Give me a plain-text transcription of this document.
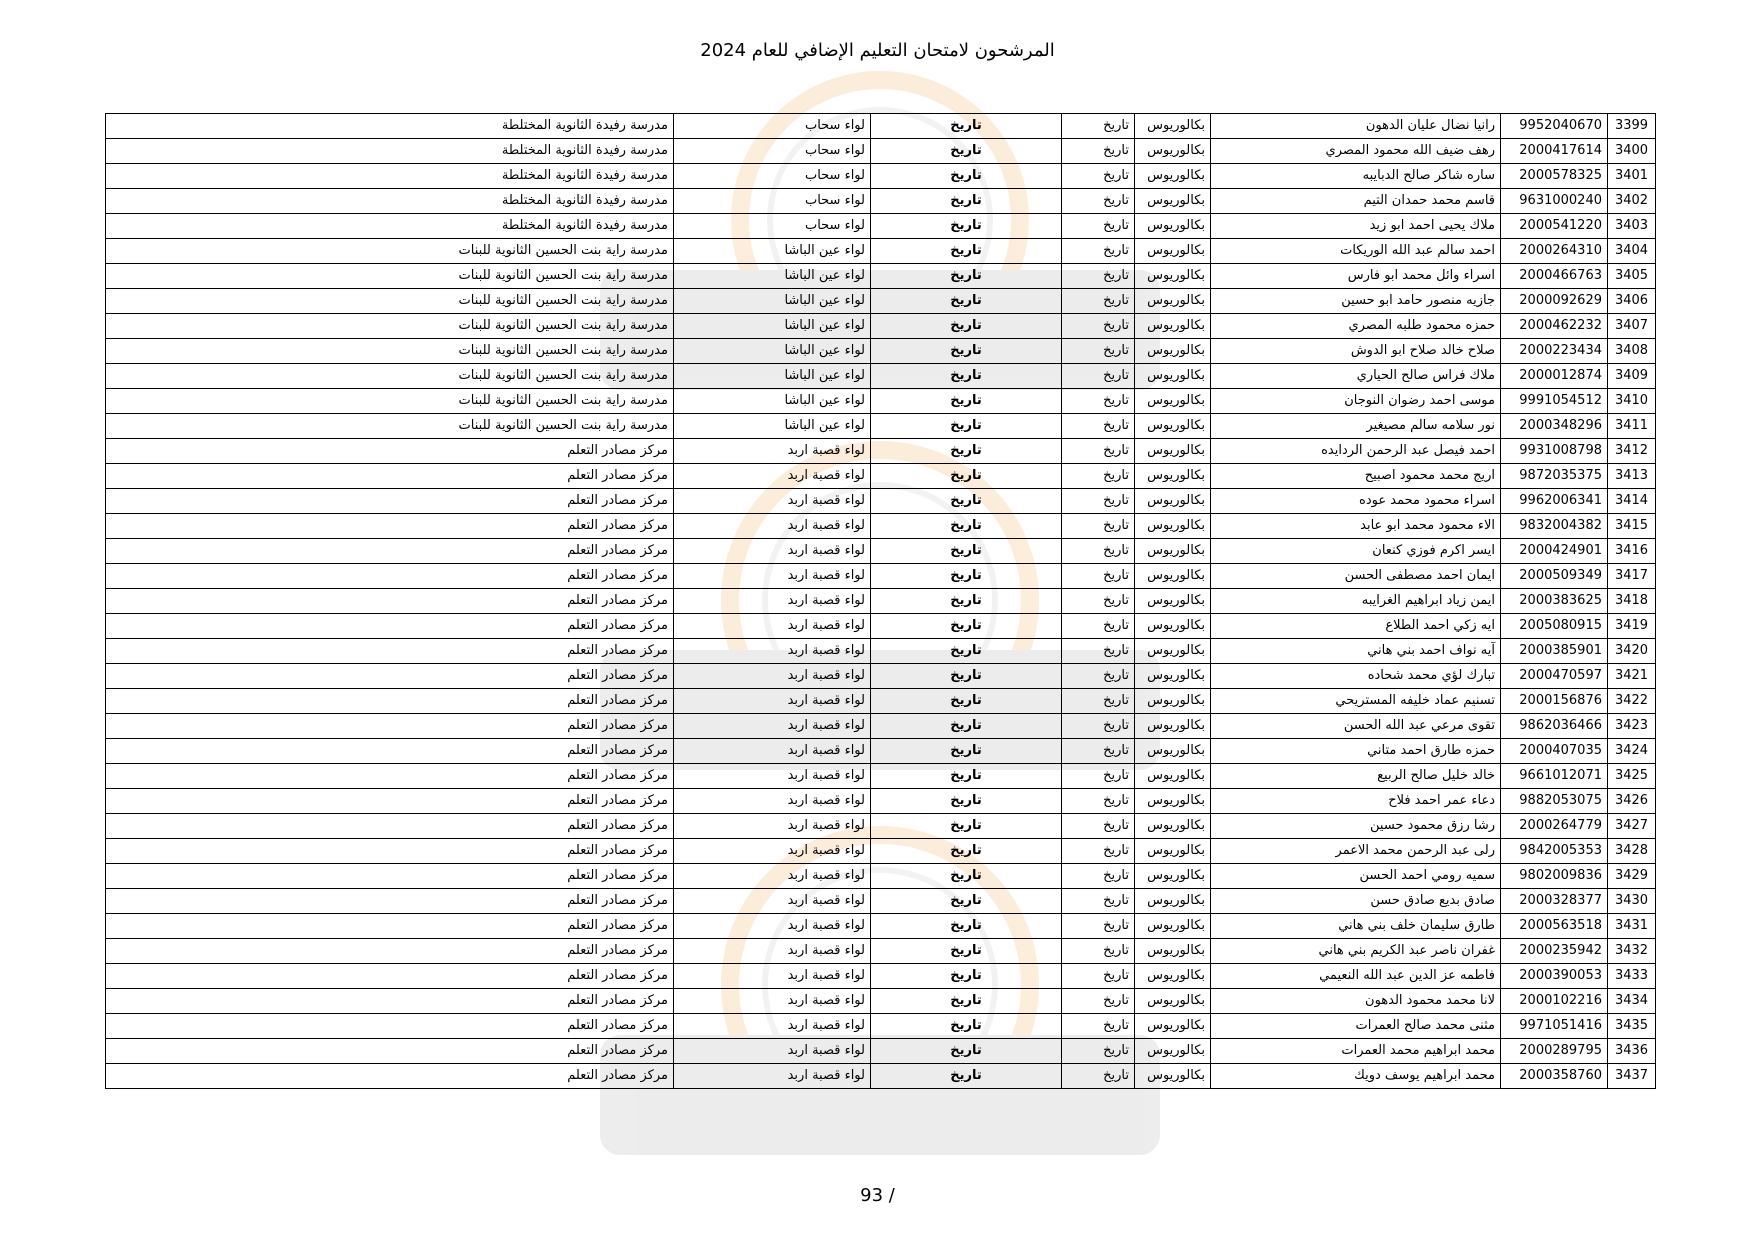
المرشحون لامتحان التعليم الإضافي للعام 2024
3399	9952040670	رانيا نضال عليان الدهون	بكالوريوس	تاريخ	تاريخ	لواء سحاب	مدرسة رفيدة الثانوية المختلطة
3400	2000417614	رهف ضيف الله محمود المصري	بكالوريوس	تاريخ	تاريخ	لواء سحاب	مدرسة رفيدة الثانوية المختلطة
3401	2000578325	ساره شاكر صالح الدبايبه	بكالوريوس	تاريخ	تاريخ	لواء سحاب	مدرسة رفيدة الثانوية المختلطة
3402	9631000240	قاسم محمد حمدان التيم	بكالوريوس	تاريخ	تاريخ	لواء سحاب	مدرسة رفيدة الثانوية المختلطة
3403	2000541220	ملاك يحيى احمد ابو زيد	بكالوريوس	تاريخ	تاريخ	لواء سحاب	مدرسة رفيدة الثانوية المختلطة
3404	2000264310	احمد سالم عبد الله الوريكات	بكالوريوس	تاريخ	تاريخ	لواء عين الباشا	مدرسة راية بنت الحسين الثانوية للبنات
3405	2000466763	اسراء وائل محمد ابو فارس	بكالوريوس	تاريخ	تاريخ	لواء عين الباشا	مدرسة راية بنت الحسين الثانوية للبنات
3406	2000092629	جازيه منصور حامد ابو حسين	بكالوريوس	تاريخ	تاريخ	لواء عين الباشا	مدرسة راية بنت الحسين الثانوية للبنات
3407	2000462232	حمزه محمود طلبه المصري	بكالوريوس	تاريخ	تاريخ	لواء عين الباشا	مدرسة راية بنت الحسين الثانوية للبنات
3408	2000223434	صلاح خالد صلاح ابو الدوش	بكالوريوس	تاريخ	تاريخ	لواء عين الباشا	مدرسة راية بنت الحسين الثانوية للبنات
3409	2000012874	ملاك فراس صالح الحياري	بكالوريوس	تاريخ	تاريخ	لواء عين الباشا	مدرسة راية بنت الحسين الثانوية للبنات
3410	9991054512	موسى احمد رضوان النوجان	بكالوريوس	تاريخ	تاريخ	لواء عين الباشا	مدرسة راية بنت الحسين الثانوية للبنات
3411	2000348296	نور سلامه سالم مصيغير	بكالوريوس	تاريخ	تاريخ	لواء عين الباشا	مدرسة راية بنت الحسين الثانوية للبنات
3412	9931008798	احمد فيصل عبد الرحمن الردايده	بكالوريوس	تاريخ	تاريخ	لواء قصبة اربد	مركز مصادر التعلم
3413	9872035375	اريج محمد محمود اصبيح	بكالوريوس	تاريخ	تاريخ	لواء قصبة اربد	مركز مصادر التعلم
3414	9962006341	اسراء محمود محمد عوده	بكالوريوس	تاريخ	تاريخ	لواء قصبة اربد	مركز مصادر التعلم
3415	9832004382	الاء محمود محمد ابو عابد	بكالوريوس	تاريخ	تاريخ	لواء قصبة اربد	مركز مصادر التعلم
3416	2000424901	ايسر اكرم فوزي كنعان	بكالوريوس	تاريخ	تاريخ	لواء قصبة اربد	مركز مصادر التعلم
3417	2000509349	ايمان احمد مصطفى الحسن	بكالوريوس	تاريخ	تاريخ	لواء قصبة اربد	مركز مصادر التعلم
3418	2000383625	ايمن زياد ابراهيم الغرايبه	بكالوريوس	تاريخ	تاريخ	لواء قصبة اربد	مركز مصادر التعلم
3419	2005080915	ايه زكي احمد الطلاع	بكالوريوس	تاريخ	تاريخ	لواء قصبة اربد	مركز مصادر التعلم
3420	2000385901	آيه نواف احمد بني هاني	بكالوريوس	تاريخ	تاريخ	لواء قصبة اربد	مركز مصادر التعلم
3421	2000470597	تبارك لؤي محمد شحاده	بكالوريوس	تاريخ	تاريخ	لواء قصبة اربد	مركز مصادر التعلم
3422	2000156876	تسنيم عماد خليفه المستريحي	بكالوريوس	تاريخ	تاريخ	لواء قصبة اربد	مركز مصادر التعلم
3423	9862036466	تقوى مرعي عبد الله الحسن	بكالوريوس	تاريخ	تاريخ	لواء قصبة اربد	مركز مصادر التعلم
3424	2000407035	حمزه طارق احمد متاني	بكالوريوس	تاريخ	تاريخ	لواء قصبة اربد	مركز مصادر التعلم
3425	9661012071	خالد خليل صالح الربيع	بكالوريوس	تاريخ	تاريخ	لواء قصبة اربد	مركز مصادر التعلم
3426	9882053075	دعاء عمر احمد فلاح	بكالوريوس	تاريخ	تاريخ	لواء قصبة اربد	مركز مصادر التعلم
3427	2000264779	رشا رزق محمود حسين	بكالوريوس	تاريخ	تاريخ	لواء قصبة اربد	مركز مصادر التعلم
3428	9842005353	رلى عبد الرحمن محمد الاعمر	بكالوريوس	تاريخ	تاريخ	لواء قصبة اربد	مركز مصادر التعلم
3429	9802009836	سميه رومي احمد الحسن	بكالوريوس	تاريخ	تاريخ	لواء قصبة اربد	مركز مصادر التعلم
3430	2000328377	صادق بديع صادق حسن	بكالوريوس	تاريخ	تاريخ	لواء قصبة اربد	مركز مصادر التعلم
3431	2000563518	طارق سليمان خلف بني هاني	بكالوريوس	تاريخ	تاريخ	لواء قصبة اربد	مركز مصادر التعلم
3432	2000235942	غفران ناصر عبد الكريم بني هاني	بكالوريوس	تاريخ	تاريخ	لواء قصبة اربد	مركز مصادر التعلم
3433	2000390053	فاطمه عز الدين عبد الله النعيمي	بكالوريوس	تاريخ	تاريخ	لواء قصبة اربد	مركز مصادر التعلم
3434	2000102216	لانا محمد محمود الدهون	بكالوريوس	تاريخ	تاريخ	لواء قصبة اربد	مركز مصادر التعلم
3435	9971051416	مثنى محمد صالح العمرات	بكالوريوس	تاريخ	تاريخ	لواء قصبة اربد	مركز مصادر التعلم
3436	2000289795	محمد ابراهيم محمد العمرات	بكالوريوس	تاريخ	تاريخ	لواء قصبة اربد	مركز مصادر التعلم
3437	2000358760	محمد ابراهيم يوسف دويك	بكالوريوس	تاريخ	تاريخ	لواء قصبة اربد	مركز مصادر التعلم
93 /
